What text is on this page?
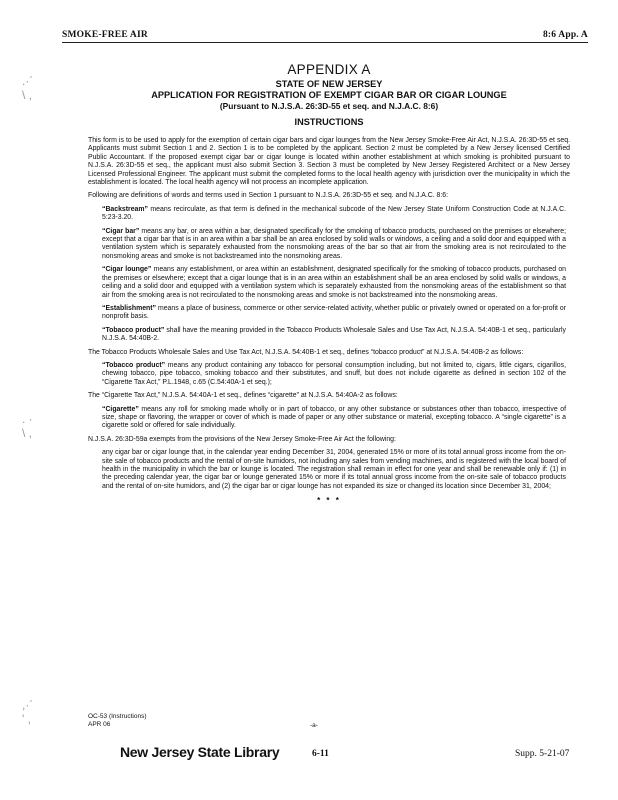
SMOKE-FREE AIR	8:6 App. A
.·´
\ ,
. ·
\ ,
,·´
' ,
APPENDIX A
STATE OF NEW JERSEY
APPLICATION FOR REGISTRATION OF EXEMPT CIGAR BAR OR CIGAR LOUNGE
(Pursuant to N.J.S.A. 26:3D-55 et seq. and N.J.A.C. 8:6)
INSTRUCTIONS

This form is to be used to apply for the exemption of certain cigar bars and cigar lounges from the New Jersey Smoke-Free Air Act, N.J.S.A. 26:3D-55 et seq. Applicants must submit Section 1 and 2. Section 1 is to be completed by the applicant. Section 2 must be completed by a New Jersey licensed Certified Public Accountant. If the proposed exempt cigar bar or cigar lounge is located within another establishment at which smoking is prohibited pursuant to N.J.S.A. 26:3D-55 et seq., the applicant must also submit Section 3. Section 3 must be completed by New Jersey Registered Architect or a New Jersey Licensed Professional Engineer. The applicant must submit the completed forms to the local health agency with jurisdiction over the municipality in which the establishment is located. The local health agency will not process an incomplete application.

Following are definitions of words and terms used in Section 1 pursuant to N.J.S.A. 26:3D-55 et seq. and N.J.A.C. 8:6:

“Backstream” means recirculate, as that term is defined in the mechanical subcode of the New Jersey State Uniform Construction Code at N.J.A.C. 5:23-3.20.
“Cigar bar” means any bar, or area within a bar, designated specifically for the smoking of tobacco products, purchased on the premises or elsewhere; except that a cigar bar that is in an area within a bar shall be an area enclosed by solid walls or windows, a ceiling and a solid door and equipped with a ventilation system which is separately exhausted from the nonsmoking areas of the bar so that air from the smoking area is not recirculated to the nonsmoking areas and smoke is not backstreamed into the nonsmoking areas.
“Cigar lounge” means any establishment, or area within an establishment, designated specifically for the smoking of tobacco products, purchased on the premises or elsewhere; except that a cigar lounge that is in an area within an establishment shall be an area enclosed by solid walls or windows, a ceiling and a solid door and equipped with a ventilation system which is separately exhausted from the nonsmoking areas of the establishment so that air from the smoking area is not recirculated to the nonsmoking areas and smoke is not backstreamed into the nonsmoking areas.
“Establishment” means a place of business, commerce or other service-related activity, whether public or privately owned or operated on a for-profit or nonprofit basis.
“Tobacco product” shall have the meaning provided in the Tobacco Products Wholesale Sales and Use Tax Act, N.J.S.A. 54:40B-1 et seq., particularly N.J.S.A. 54:40B-2.

The Tobacco Products Wholesale Sales and Use Tax Act, N.J.S.A. 54:40B-1 et seq., defines “tobacco product” at N.J.S.A. 54:40B-2 as follows:

“Tobacco product” means any product containing any tobacco for personal consumption including, but not limited to, cigars, little cigars, cigarillos, chewing tobacco, pipe tobacco, smoking tobacco and their substitutes, and snuff, but does not include cigarette as defined in section 102 of the “Cigarette Tax Act,” P.L.1948, c.65 (C.54:40A-1 et seq.);

The “Cigarette Tax Act,” N.J.S.A. 54:40A-1 et seq., defines “cigarette” at N.J.S.A. 54:40A-2 as follows:

“Cigarette” means any roll for smoking made wholly or in part of tobacco, or any other substance or substances other than tobacco, irrespective of size, shape or flavoring, the wrapper or cover of which is made of paper or any other substance or material, excepting tobacco. A “single cigarette” is a cigarette sold or offered for sale individually.

N.J.S.A. 26:3D-59a exempts from the provisions of the New Jersey Smoke-Free Air Act the following:

any cigar bar or cigar lounge that, in the calendar year ending December 31, 2004, generated 15% or more of its total annual gross income from the on-site sale of tobacco products and the rental of on-site humidors, not including any sales from vending machines, and is registered with the local board of health in the municipality in which the bar or lounge is located. The registration shall remain in effect for one year and shall be renewable only if: (1) in the preceding calendar year, the cigar bar or lounge generated 15% or more if its total annual gross income from the on-site sale of tobacco products and the rental of on-site humidors, and (2) the cigar bar or cigar lounge has not expanded its size or changed its location since December 31, 2004;
* * *
OC-53 (Instructions)
APR 06	-a-
New Jersey State Library	6-11	Supp. 5-21-07
